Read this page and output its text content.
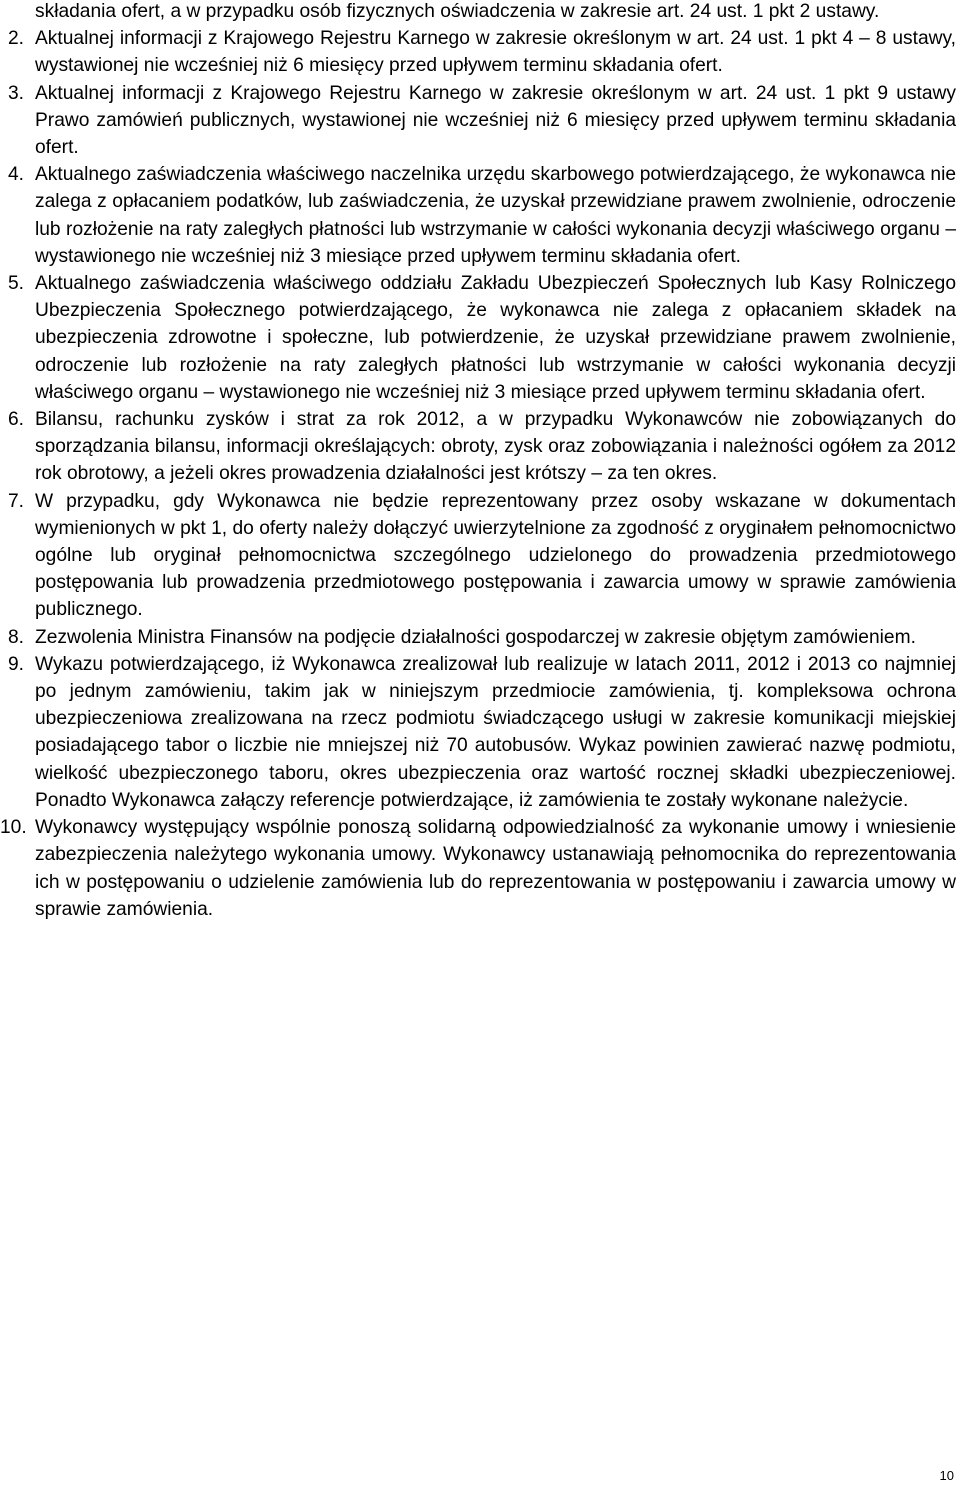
składania ofert, a w przypadku osób fizycznych oświadczenia w zakresie art. 24 ust. 1 pkt 2 ustawy.

2. Aktualnej informacji z Krajowego Rejestru Karnego w zakresie określonym w art. 24 ust. 1 pkt 4 – 8 ustawy, wystawionej nie wcześniej niż 6 miesięcy przed upływem terminu składania ofert.
3. Aktualnej informacji z Krajowego Rejestru Karnego w zakresie określonym w art. 24 ust. 1 pkt 9 ustawy Prawo zamówień publicznych, wystawionej nie wcześniej niż 6 miesięcy przed upływem terminu składania ofert.
4. Aktualnego zaświadczenia właściwego naczelnika urzędu skarbowego potwierdzającego, że wykonawca nie zalega z opłacaniem podatków, lub zaświadczenia, że uzyskał przewidziane prawem zwolnienie, odroczenie lub rozłożenie na raty zaległych płatności lub wstrzymanie w całości wykonania decyzji właściwego organu – wystawionego nie wcześniej niż 3 miesiące przed upływem terminu składania ofert.
5. Aktualnego zaświadczenia właściwego oddziału Zakładu Ubezpieczeń Społecznych lub Kasy Rolniczego Ubezpieczenia Społecznego potwierdzającego, że wykonawca nie zalega z opłacaniem składek na ubezpieczenia zdrowotne i społeczne, lub potwierdzenie, że uzyskał przewidziane prawem zwolnienie, odroczenie lub rozłożenie na raty zaległych płatności lub wstrzymanie w całości wykonania decyzji właściwego organu – wystawionego nie wcześniej niż 3 miesiące przed upływem terminu składania ofert.
6. Bilansu, rachunku zysków i strat za rok 2012, a w przypadku Wykonawców nie zobowiązanych do sporządzania bilansu, informacji określających: obroty, zysk oraz zobowiązania i należności ogółem za 2012 rok obrotowy, a jeżeli okres prowadzenia działalności jest krótszy – za ten okres.
7. W przypadku, gdy Wykonawca nie będzie reprezentowany przez osoby wskazane w dokumentach wymienionych w pkt 1, do oferty należy dołączyć uwierzytelnione za zgodność z oryginałem pełnomocnictwo ogólne lub oryginał pełnomocnictwa szczególnego udzielonego do prowadzenia przedmiotowego postępowania lub prowadzenia przedmiotowego postępowania i zawarcia umowy w sprawie zamówienia publicznego.
8. Zezwolenia Ministra Finansów na podjęcie działalności gospodarczej w zakresie objętym zamówieniem.
9. Wykazu potwierdzającego, iż Wykonawca zrealizował lub realizuje w latach 2011, 2012 i 2013 co najmniej po jednym zamówieniu, takim jak w niniejszym przedmiocie zamówienia, tj. kompleksowa ochrona ubezpieczeniowa zrealizowana na rzecz podmiotu świadczącego usługi w zakresie komunikacji miejskiej posiadającego tabor o liczbie nie mniejszej niż 70 autobusów. Wykaz powinien zawierać nazwę podmiotu, wielkość ubezpieczonego taboru, okres ubezpieczenia oraz wartość rocznej składki ubezpieczeniowej. Ponadto Wykonawca załączy referencje potwierdzające, iż zamówienia te zostały wykonane należycie.
10. Wykonawcy występujący wspólnie ponoszą solidarną odpowiedzialność za wykonanie umowy i wniesienie zabezpieczenia należytego wykonania umowy. Wykonawcy ustanawiają pełnomocnika do reprezentowania ich w postępowaniu o udzielenie zamówienia lub do reprezentowania w postępowaniu i zawarcia umowy w sprawie zamówienia.
10
